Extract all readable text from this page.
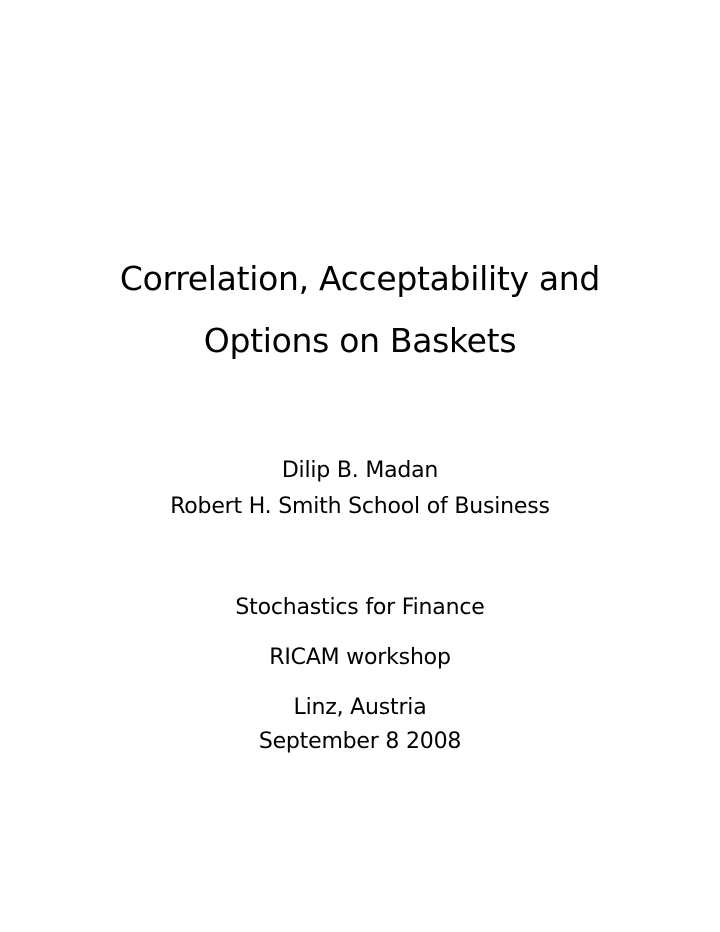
Correlation, Acceptability and
Options on Baskets
Dilip B. Madan
Robert H. Smith School of Business
Stochastics for Finance
RICAM workshop
Linz, Austria
September 8 2008
